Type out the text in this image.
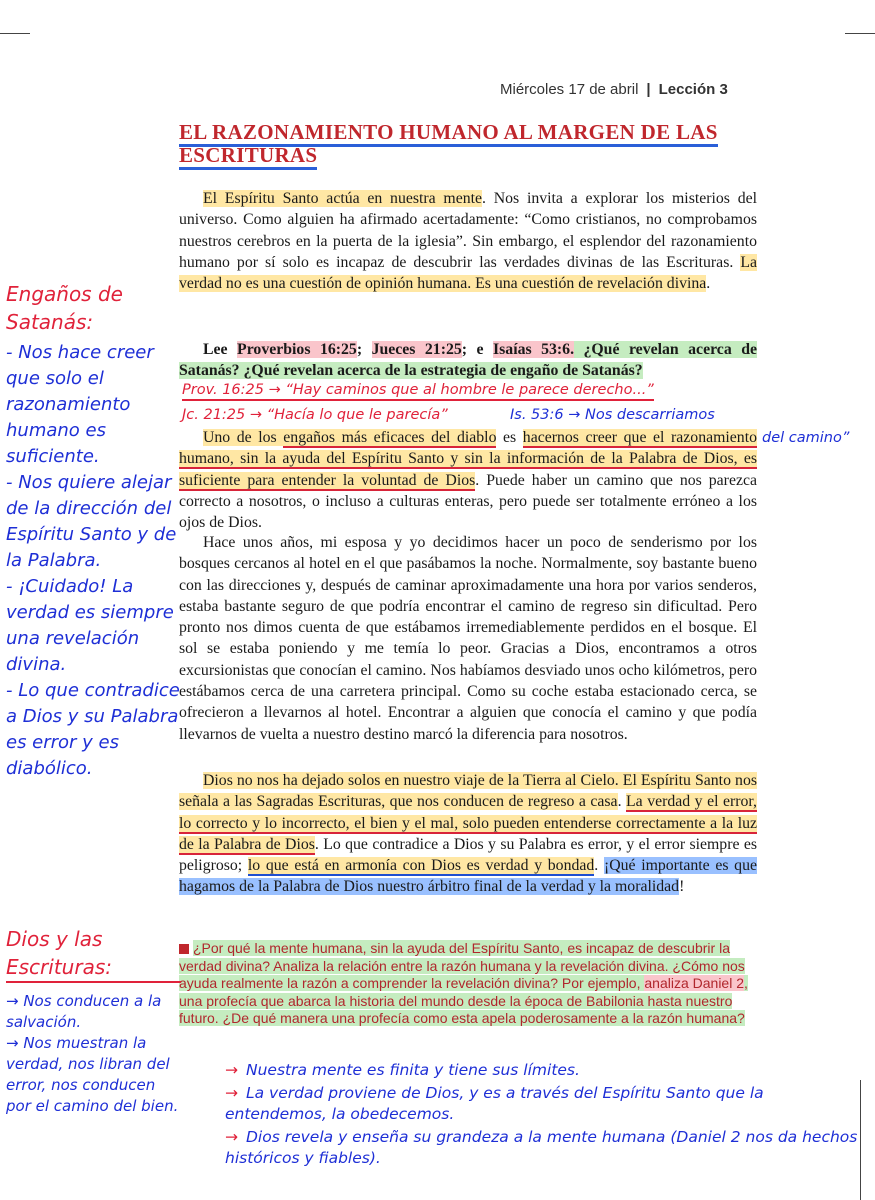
Miércoles 17 de abril | Lección 3
EL RAZONAMIENTO HUMANO AL MARGEN DE LAS
ESCRITURAS

El Espíritu Santo actúa en nuestra mente. Nos invita a explorar los misterios del universo. Como alguien ha afirmado acertadamente: “Como cristianos, no comprobamos nuestros cerebros en la puerta de la iglesia”. Sin embargo, el esplendor del razonamiento humano por sí solo es incapaz de descubrir las verdades divinas de las Escrituras. La verdad no es una cuestión de opinión humana. Es una cuestión de revelación divina.

Lee Proverbios 16:25; Jueces 21:25; e Isaías 53:6. ¿Qué revelan acerca de Satanás? ¿Qué revelan acerca de la estrategia de engaño de Satanás?

Prov. 16:25 → “Hay caminos que al hombre le parece derecho...”
Jc. 21:25 → “Hacía lo que le parecía”	Is. 53:6 → Nos descarriamos
del camino”

Uno de los engaños más eficaces del diablo es hacernos creer que el razonamiento humano, sin la ayuda del Espíritu Santo y sin la información de la Palabra de Dios, es suficiente para entender la voluntad de Dios. Puede haber un camino que nos parezca correcto a nosotros, o incluso a culturas enteras, pero puede ser totalmente erróneo a los ojos de Dios.

Hace unos años, mi esposa y yo decidimos hacer un poco de senderismo por los bosques cercanos al hotel en el que pasábamos la noche. Normalmente, soy bastante bueno con las direcciones y, después de caminar aproximadamente una hora por varios senderos, estaba bastante seguro de que podría encontrar el camino de regreso sin dificultad. Pero pronto nos dimos cuenta de que estábamos irremediablemente perdidos en el bosque. El sol se estaba poniendo y me temía lo peor. Gracias a Dios, encontramos a otros excursionistas que conocían el camino. Nos habíamos desviado unos ocho kilómetros, pero estábamos cerca de una carretera principal. Como su coche estaba estacionado cerca, se ofrecieron a llevarnos al hotel. Encontrar a alguien que conocía el camino y que podía llevarnos de vuelta a nuestro destino marcó la diferencia para nosotros.

Dios no nos ha dejado solos en nuestro viaje de la Tierra al Cielo. El Espíritu Santo nos señala a las Sagradas Escrituras, que nos conducen de regreso a casa. La verdad y el error, lo correcto y lo incorrecto, el bien y el mal, solo pueden entenderse correctamente a la luz de la Palabra de Dios. Lo que contradice a Dios y su Palabra es error, y el error siempre es peligroso; lo que está en armonía con Dios es verdad y bondad. ¡Qué importante es que hagamos de la Palabra de Dios nuestro árbitro final de la verdad y la moralidad!

¿Por qué la mente humana, sin la ayuda del Espíritu Santo, es incapaz de descubrir la verdad divina? Analiza la relación entre la razón humana y la revelación divina. ¿Cómo nos ayuda realmente la razón a comprender la revelación divina? Por ejemplo, analiza Daniel 2, una profecía que abarca la historia del mundo desde la época de Babilonia hasta nuestro futuro. ¿De qué manera una profecía como esta apela poderosamente a la razón humana?

Engaños de Satanás:

- Nos hace creer que solo el razonamiento humano es suficiente.

- Nos quiere alejar de la dirección del Espíritu Santo y de la Palabra.

- ¡Cuidado! La verdad es siempre una revelación divina.

- Lo que contradice a Dios y su Palabra es error y es diabólico.

Dios y las Escrituras:

→ Nos conducen a la salvación.

→ Nos muestran la verdad, nos libran del error, nos conducen por el camino del bien.

→ Nuestra mente es finita y tiene sus límites.

→ La verdad proviene de Dios, y es a través del Espíritu Santo que la entendemos, la obedecemos.

→ Dios revela y enseña su grandeza a la mente humana (Daniel 2 nos da hechos históricos y fiables).
